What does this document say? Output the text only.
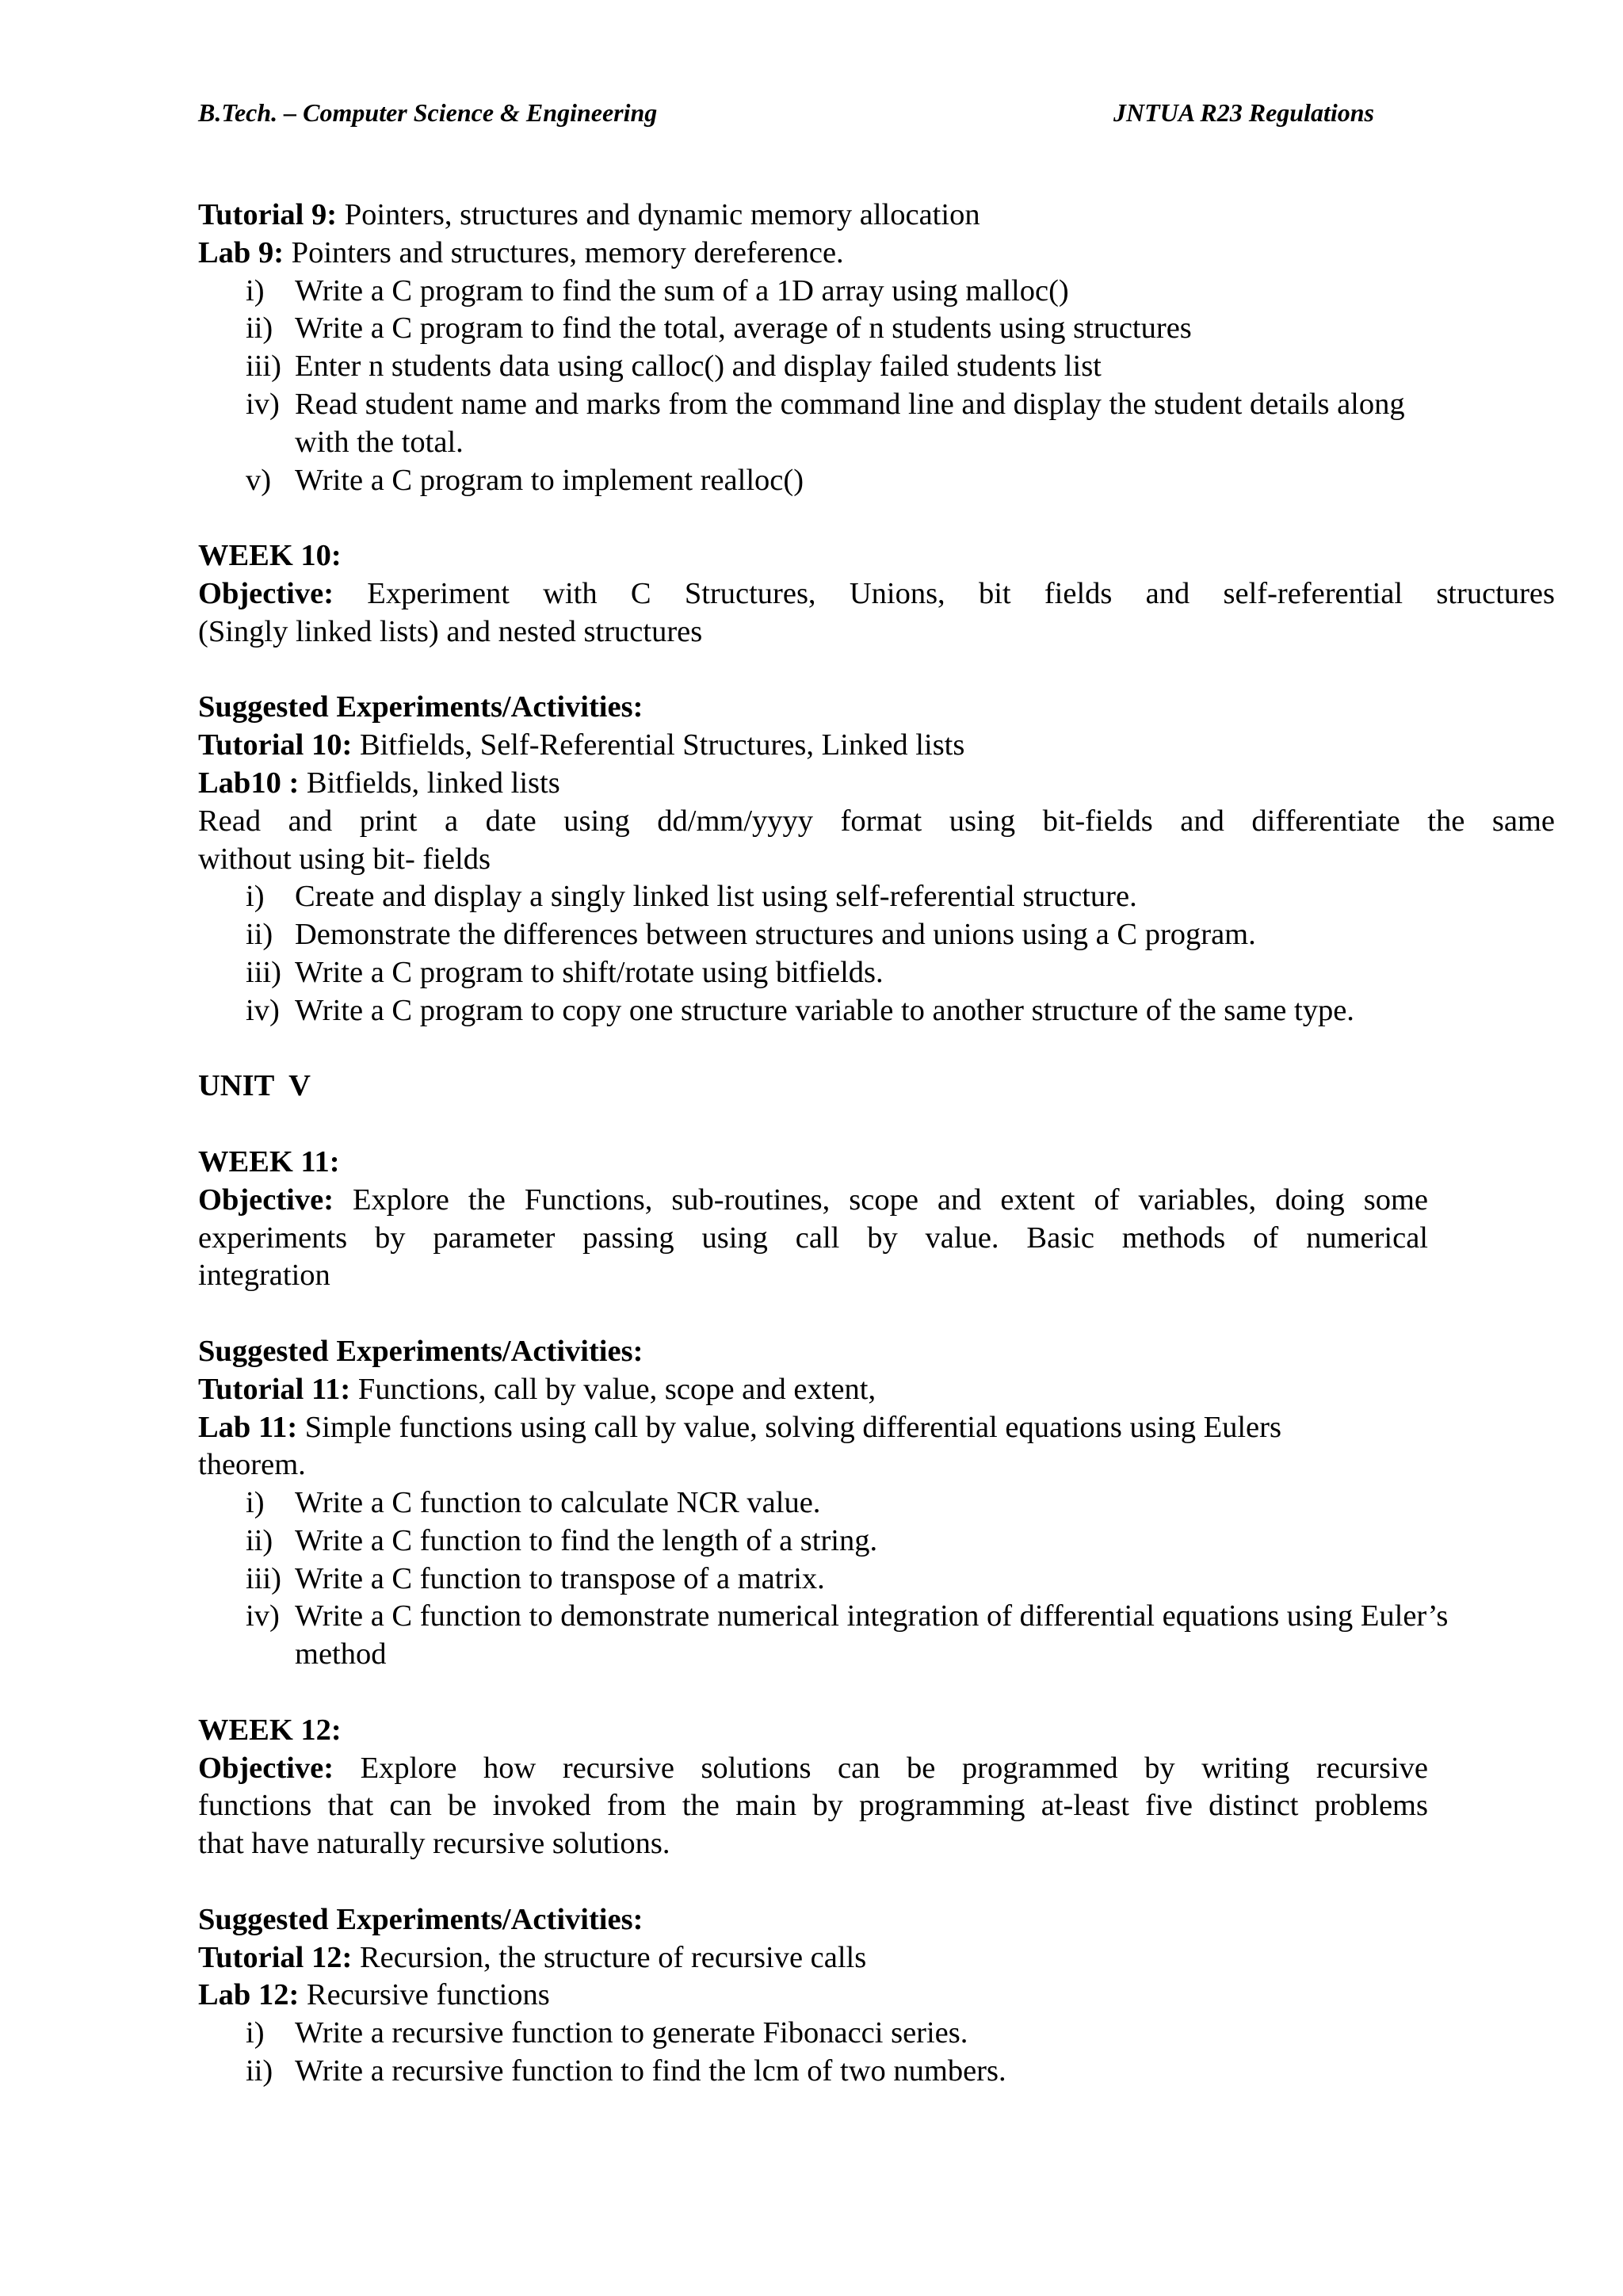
B.Tech. – Computer Science & Engineering	JNTUA R23 Regulations
Tutorial 9: Pointers, structures and dynamic memory allocation
Lab 9: Pointers and structures, memory dereference.
i) Write a C program to find the sum of a 1D array using malloc()
ii) Write a C program to find the total, average of n students using structures
iii) Enter n students data using calloc() and display failed students list
iv) Read student name and marks from the command line and display the student details along
with the total.
v) Write a C program to implement realloc()
WEEK 10:
Objective: Experiment with C Structures, Unions, bit fields and self-referential structures
(Singly linked lists) and nested structures
Suggested Experiments/Activities:
Tutorial 10: Bitfields, Self-Referential Structures, Linked lists
Lab10 : Bitfields, linked lists
Read and print a date using dd/mm/yyyy format using bit-fields and differentiate the same
without using bit- fields
i) Create and display a singly linked list using self-referential structure.
ii) Demonstrate the differences between structures and unions using a C program.
iii) Write a C program to shift/rotate using bitfields.
iv) Write a C program to copy one structure variable to another structure of the same type.
UNIT  V
WEEK 11:
Objective: Explore the Functions, sub-routines, scope and extent of variables, doing some
experiments by parameter passing using call by value. Basic methods of numerical
integration
Suggested Experiments/Activities:
Tutorial 11: Functions, call by value, scope and extent,
Lab 11: Simple functions using call by value, solving differential equations using Eulers
theorem.
i) Write a C function to calculate NCR value.
ii) Write a C function to find the length of a string.
iii) Write a C function to transpose of a matrix.
iv) Write a C function to demonstrate numerical integration of differential equations using Euler’s
method
WEEK 12:
Objective: Explore how recursive solutions can be programmed by writing recursive
functions that can be invoked from the main by programming at-least five distinct problems
that have naturally recursive solutions.
Suggested Experiments/Activities:
Tutorial 12: Recursion, the structure of recursive calls
Lab 12: Recursive functions
i) Write a recursive function to generate Fibonacci series.
ii) Write a recursive function to find the lcm of two numbers.
